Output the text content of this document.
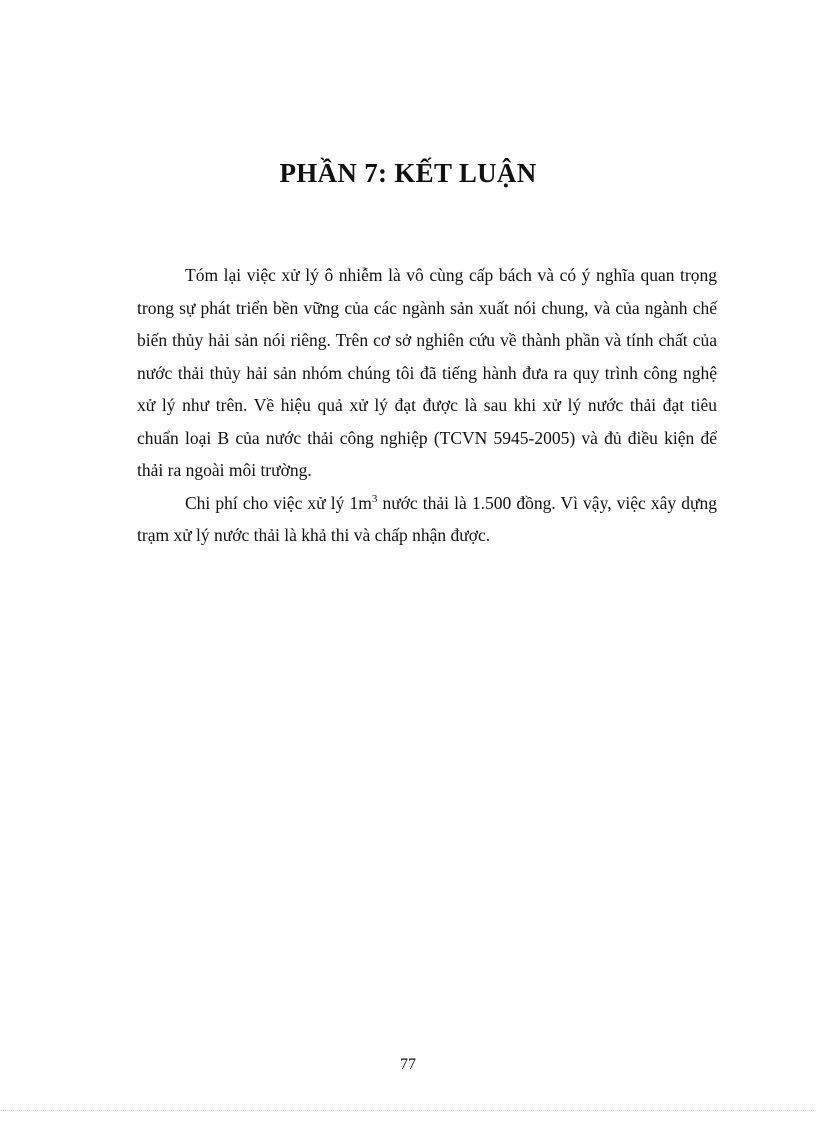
PHẦN 7: KẾT LUẬN

Tóm lại việc xử lý ô nhiễm là vô cùng cấp bách và có ý nghĩa quan trọng trong sự phát triển bền vững của các ngành sản xuất nói chung, và của ngành chế biến thủy hải sản nói riêng. Trên cơ sở nghiên cứu về thành phần và tính chất của nước thải thủy hải sản nhóm chúng tôi đã tiếng hành đưa ra quy trình công nghệ xử lý như trên. Về hiệu quả xử lý đạt được là sau khi xử lý nước thải đạt tiêu chuẩn loại B của nước thải công nghiệp (TCVN 5945-2005) và đủ điều kiện để thải ra ngoài môi trường.

Chi phí cho việc xử lý $1m^3$ nước thải là 1.500 đồng. Vì vậy, việc xây dựng trạm xử lý nước thải là khả thi và chấp nhận được.

77
